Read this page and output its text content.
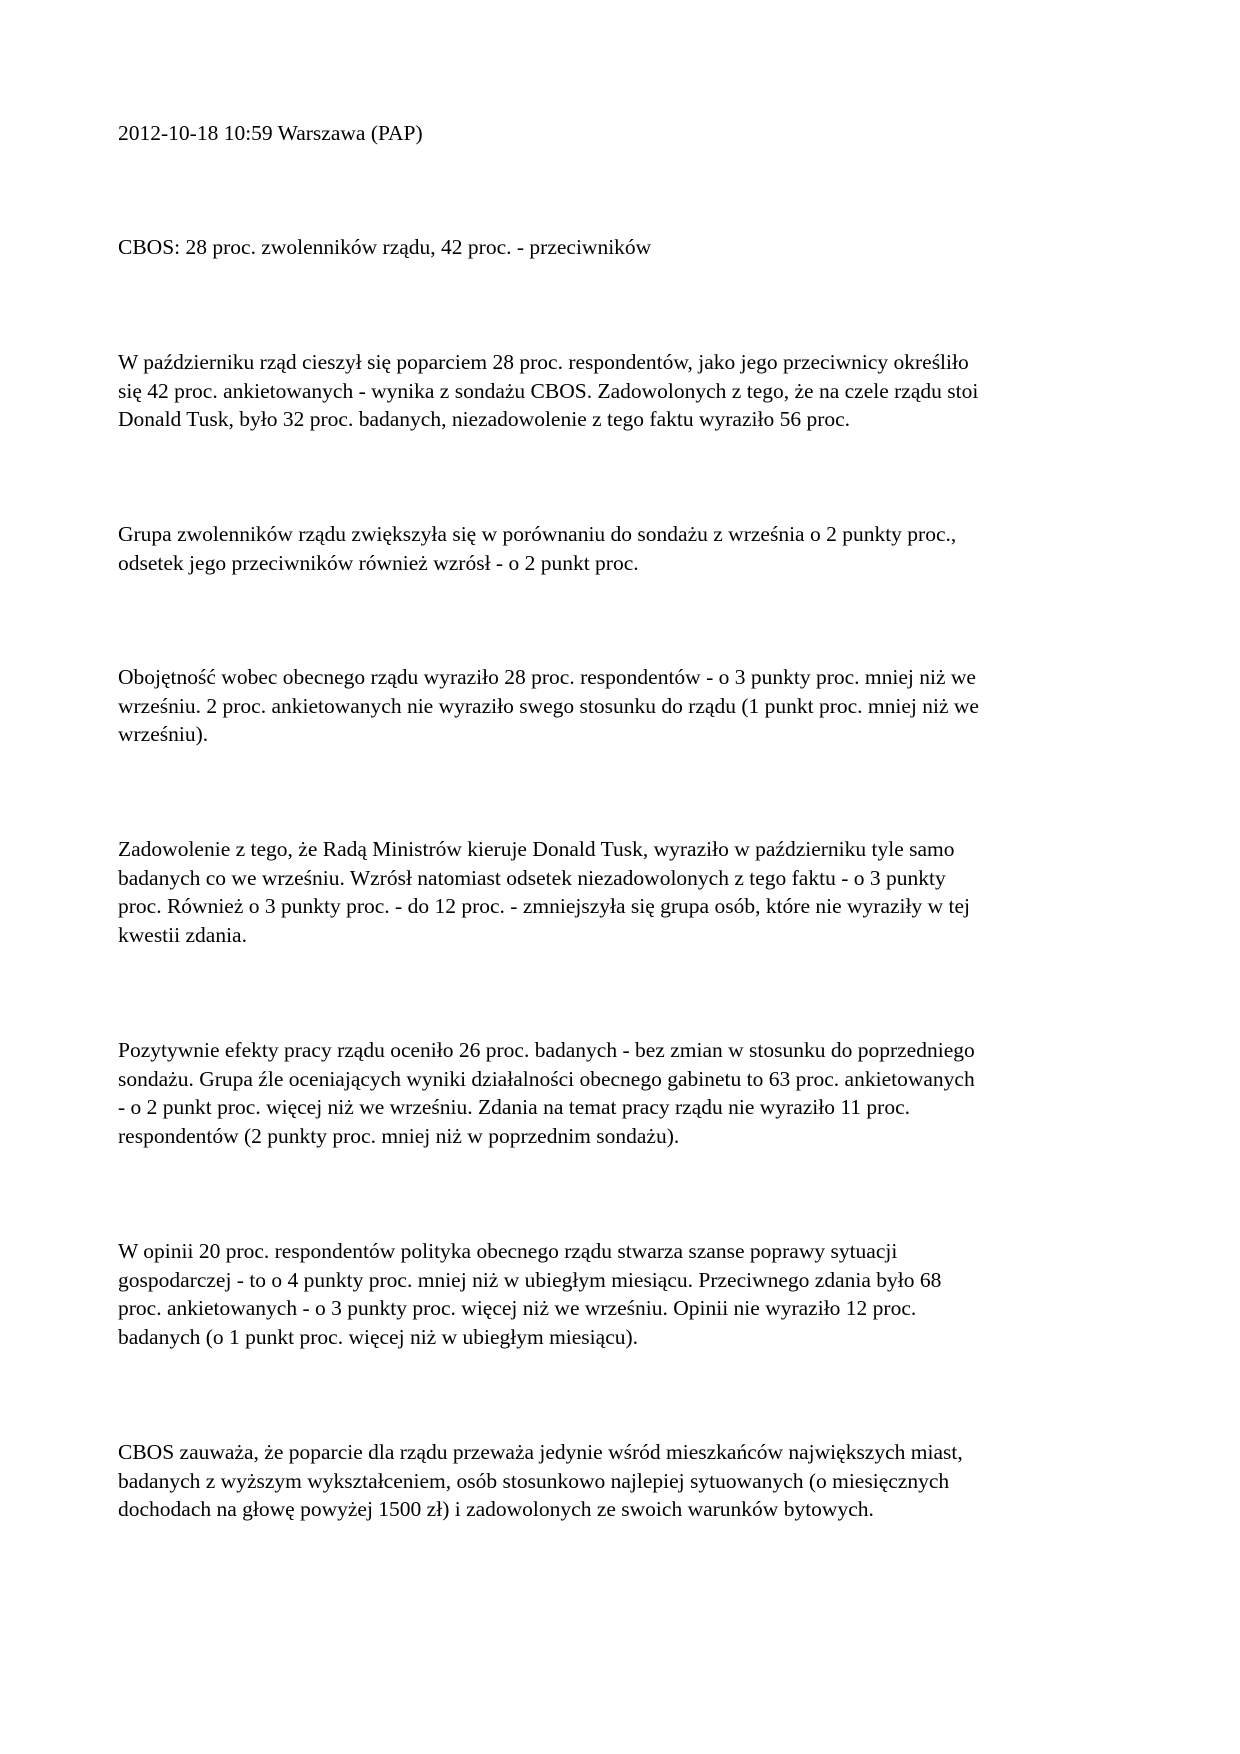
2012-10-18 10:59 Warszawa (PAP)

CBOS: 28 proc. zwolenników rządu, 42 proc. - przeciwników

W październiku rząd cieszył się poparciem 28 proc. respondentów, jako jego przeciwnicy określiło
się 42 proc. ankietowanych - wynika z sondażu CBOS. Zadowolonych z tego, że na czele rządu stoi
Donald Tusk, było 32 proc. badanych, niezadowolenie z tego faktu wyraziło 56 proc.

Grupa zwolenników rządu zwiększyła się w porównaniu do sondażu z września o 2 punkty proc.,
odsetek jego przeciwników również wzrósł - o 2 punkt proc.

Obojętność wobec obecnego rządu wyraziło 28 proc. respondentów - o 3 punkty proc. mniej niż we
wrześniu. 2 proc. ankietowanych nie wyraziło swego stosunku do rządu (1 punkt proc. mniej niż we
wrześniu).

Zadowolenie z tego, że Radą Ministrów kieruje Donald Tusk, wyraziło w październiku tyle samo
badanych co we wrześniu. Wzrósł natomiast odsetek niezadowolonych z tego faktu - o 3 punkty
proc. Również o 3 punkty proc. - do 12 proc. - zmniejszyła się grupa osób, które nie wyraziły w tej
kwestii zdania.

Pozytywnie efekty pracy rządu oceniło 26 proc. badanych - bez zmian w stosunku do poprzedniego
sondażu. Grupa źle oceniających wyniki działalności obecnego gabinetu to 63 proc. ankietowanych
- o 2 punkt proc. więcej niż we wrześniu. Zdania na temat pracy rządu nie wyraziło 11 proc.
respondentów (2 punkty proc. mniej niż w poprzednim sondażu).

W opinii 20 proc. respondentów polityka obecnego rządu stwarza szanse poprawy sytuacji
gospodarczej - to o 4 punkty proc. mniej niż w ubiegłym miesiącu. Przeciwnego zdania było 68
proc. ankietowanych - o 3 punkty proc. więcej niż we wrześniu. Opinii nie wyraziło 12 proc.
badanych (o 1 punkt proc. więcej niż w ubiegłym miesiącu).

CBOS zauważa, że poparcie dla rządu przeważa jedynie wśród mieszkańców największych miast,
badanych z wyższym wykształceniem, osób stosunkowo najlepiej sytuowanych (o miesięcznych
dochodach na głowę powyżej 1500 zł) i zadowolonych ze swoich warunków bytowych.
